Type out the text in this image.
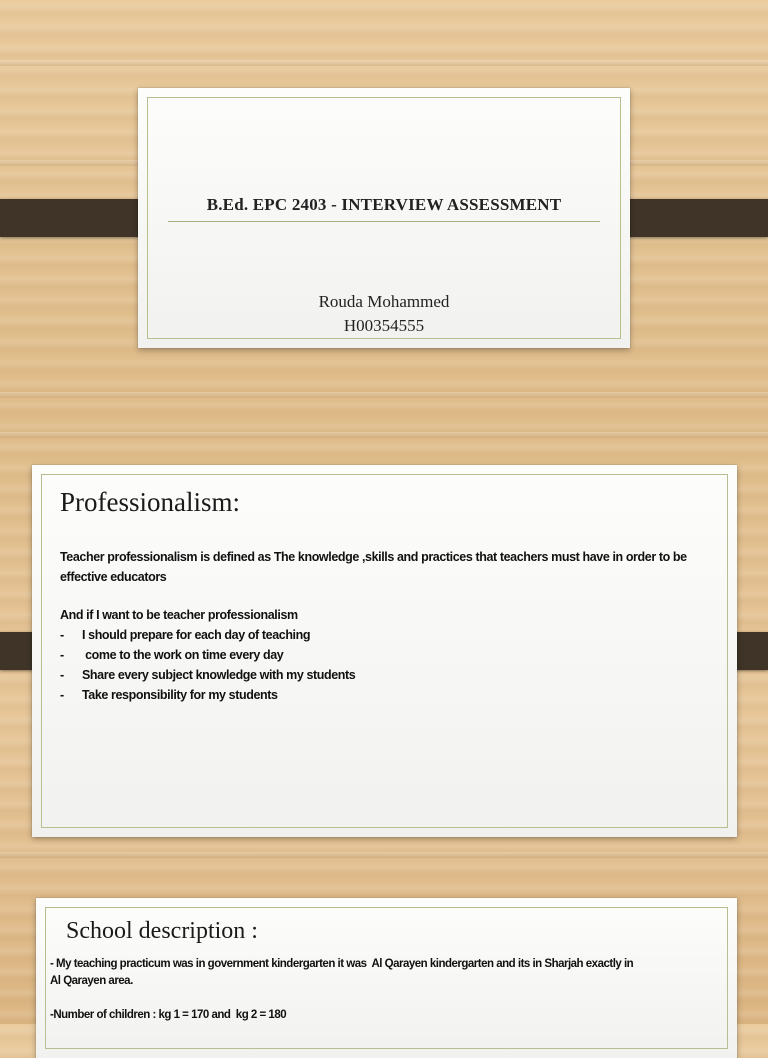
B.Ed. EPC 2403 - INTERVIEW ASSESSMENT
Rouda Mohammed
H00354555
Professionalism:

Teacher professionalism is defined as The knowledge ,skills and practices that teachers must have in order to be

effective educators

And if I want to be teacher professionalism

- I should prepare for each day of teaching
- come to the work on time every day
- Share every subject knowledge with my students
- Take responsibility for my students
School description :

- My teaching practicum was in government kindergarten it was  Al Qarayen kindergarten and its in Sharjah exactly in

Al Qarayen area.

-Number of children : kg 1 = 170 and  kg 2 = 180
